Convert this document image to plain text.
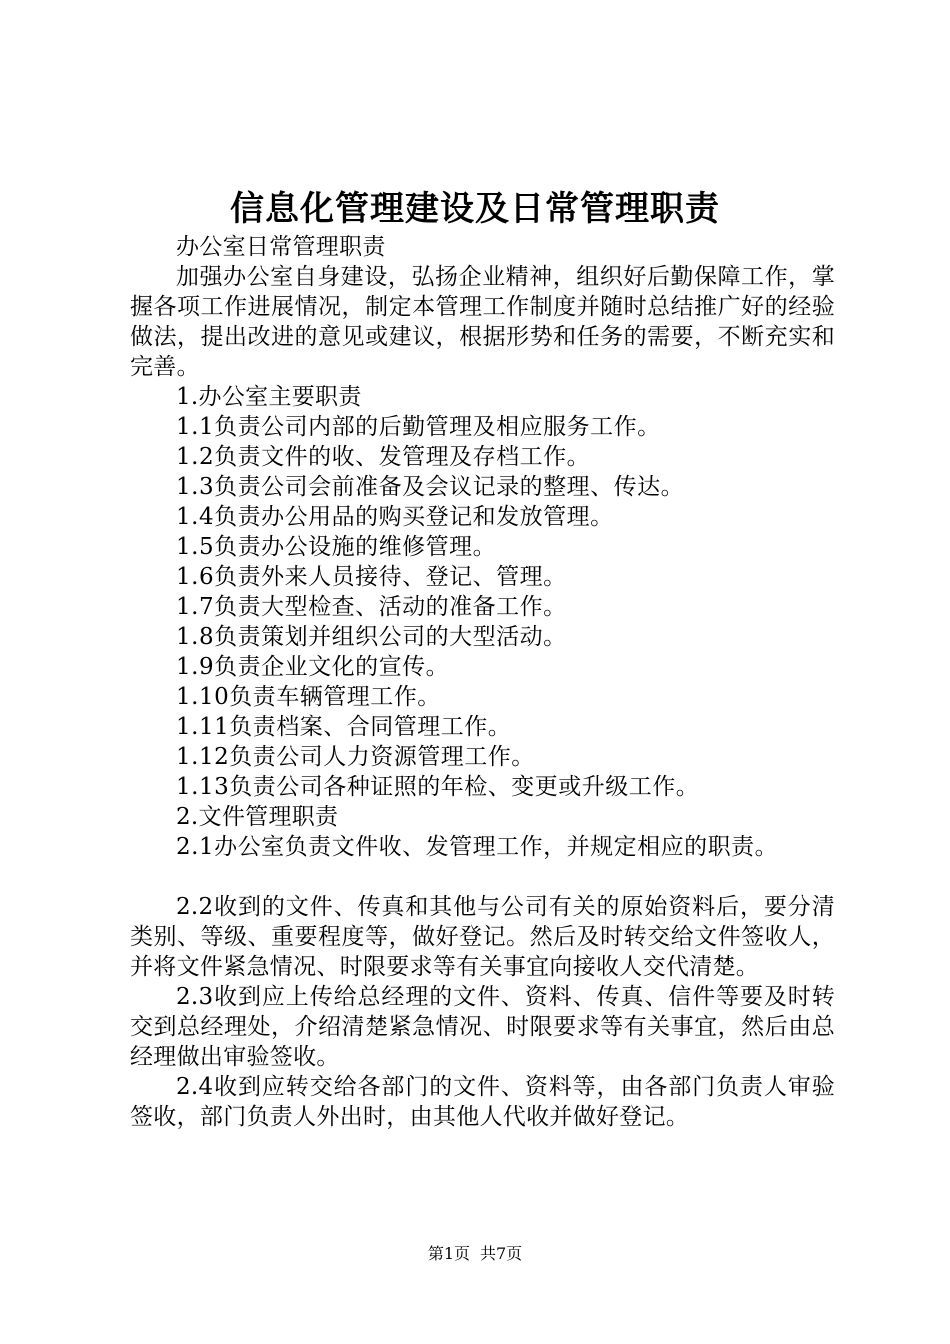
信息化管理建设及日常管理职责

办公室日常管理职责

加强办公室自身建设，弘扬企业精神，组织好后勤保障工作，掌握各项工作进展情况，制定本管理工作制度并随时总结推广好的经验做法，提出改进的意见或建议，根据形势和任务的需要，不断充实和完善。

1.办公室主要职责

1.1负责公司内部的后勤管理及相应服务工作。

1.2负责文件的收、发管理及存档工作。

1.3负责公司会前准备及会议记录的整理、传达。

1.4负责办公用品的购买登记和发放管理。

1.5负责办公设施的维修管理。

1.6负责外来人员接待、登记、管理。

1.7负责大型检查、活动的准备工作。

1.8负责策划并组织公司的大型活动。

1.9负责企业文化的宣传。

1.10负责车辆管理工作。

1.11负责档案、合同管理工作。

1.12负责公司人力资源管理工作。

1.13负责公司各种证照的年检、变更或升级工作。

2.文件管理职责

2.1办公室负责文件收、发管理工作，并规定相应的职责。

2.2收到的文件、传真和其他与公司有关的原始资料后，要分清类别、等级、重要程度等，做好登记。然后及时转交给文件签收人，并将文件紧急情况、时限要求等有关事宜向接收人交代清楚。

2.3收到应上传给总经理的文件、资料、传真、信件等要及时转交到总经理处，介绍清楚紧急情况、时限要求等有关事宜，然后由总经理做出审验签收。

2.4收到应转交给各部门的文件、资料等，由各部门负责人审验签收，部门负责人外出时，由其他人代收并做好登记。

第1页 共7页
